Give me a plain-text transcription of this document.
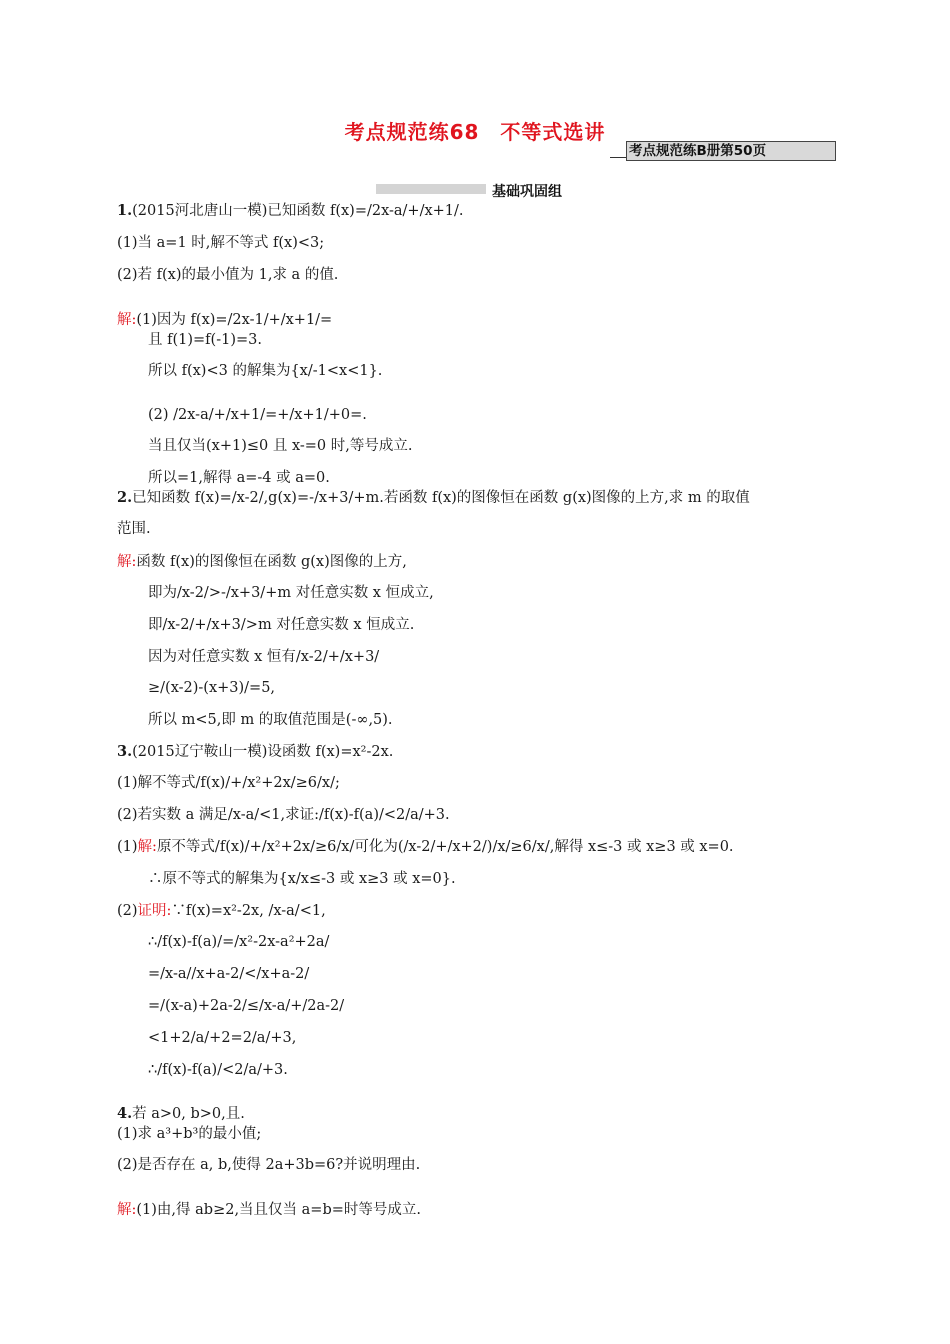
考点规范练68　不等式选讲
考点规范练B册第50页
基础巩固组
1.(2015河北唐山一模)已知函数 f(x)=/2x-a/+/x+1/.
(1)当 a=1 时,解不等式 f(x)<3;
(2)若 f(x)的最小值为 1,求 a 的值.
解:(1)因为 f(x)=/2x-1/+/x+1/=
且 f(1)=f(-1)=3.
所以 f(x)<3 的解集为{x/-1<x<1}.
(2) /2x-a/+/x+1/=+/x+1/+0=.
当且仅当(x+1)≤0 且 x-=0 时,等号成立.
所以=1,解得 a=-4 或 a=0.
2.已知函数 f(x)=/x-2/,g(x)=-/x+3/+m.若函数 f(x)的图像恒在函数 g(x)图像的上方,求 m 的取值
范围.
解:函数 f(x)的图像恒在函数 g(x)图像的上方,
即为/x-2/>-/x+3/+m 对任意实数 x 恒成立,
即/x-2/+/x+3/>m 对任意实数 x 恒成立.
因为对任意实数 x 恒有/x-2/+/x+3/
≥/(x-2)-(x+3)/=5,
所以 m<5,即 m 的取值范围是(-∞,5).
3.(2015辽宁鞍山一模)设函数 f(x)=x²-2x.
(1)解不等式/f(x)/+/x²+2x/≥6/x/;
(2)若实数 a 满足/x-a/<1,求证:/f(x)-f(a)/<2/a/+3.
(1)解:原不等式/f(x)/+/x²+2x/≥6/x/可化为(/x-2/+/x+2/)/x/≥6/x/,解得 x≤-3 或 x≥3 或 x=0.
∴原不等式的解集为{x/x≤-3 或 x≥3 或 x=0}.
(2)证明:∵f(x)=x²-2x, /x-a/<1,
∴/f(x)-f(a)/=/x²-2x-a²+2a/
=/x-a//x+a-2/</x+a-2/
=/(x-a)+2a-2/≤/x-a/+/2a-2/
<1+2/a/+2=2/a/+3,
∴/f(x)-f(a)/<2/a/+3.
4.若 a>0, b>0,且.
(1)求 a³+b³的最小值;
(2)是否存在 a, b,使得 2a+3b=6?并说明理由.
解:(1)由,得 ab≥2,当且仅当 a=b=时等号成立.
